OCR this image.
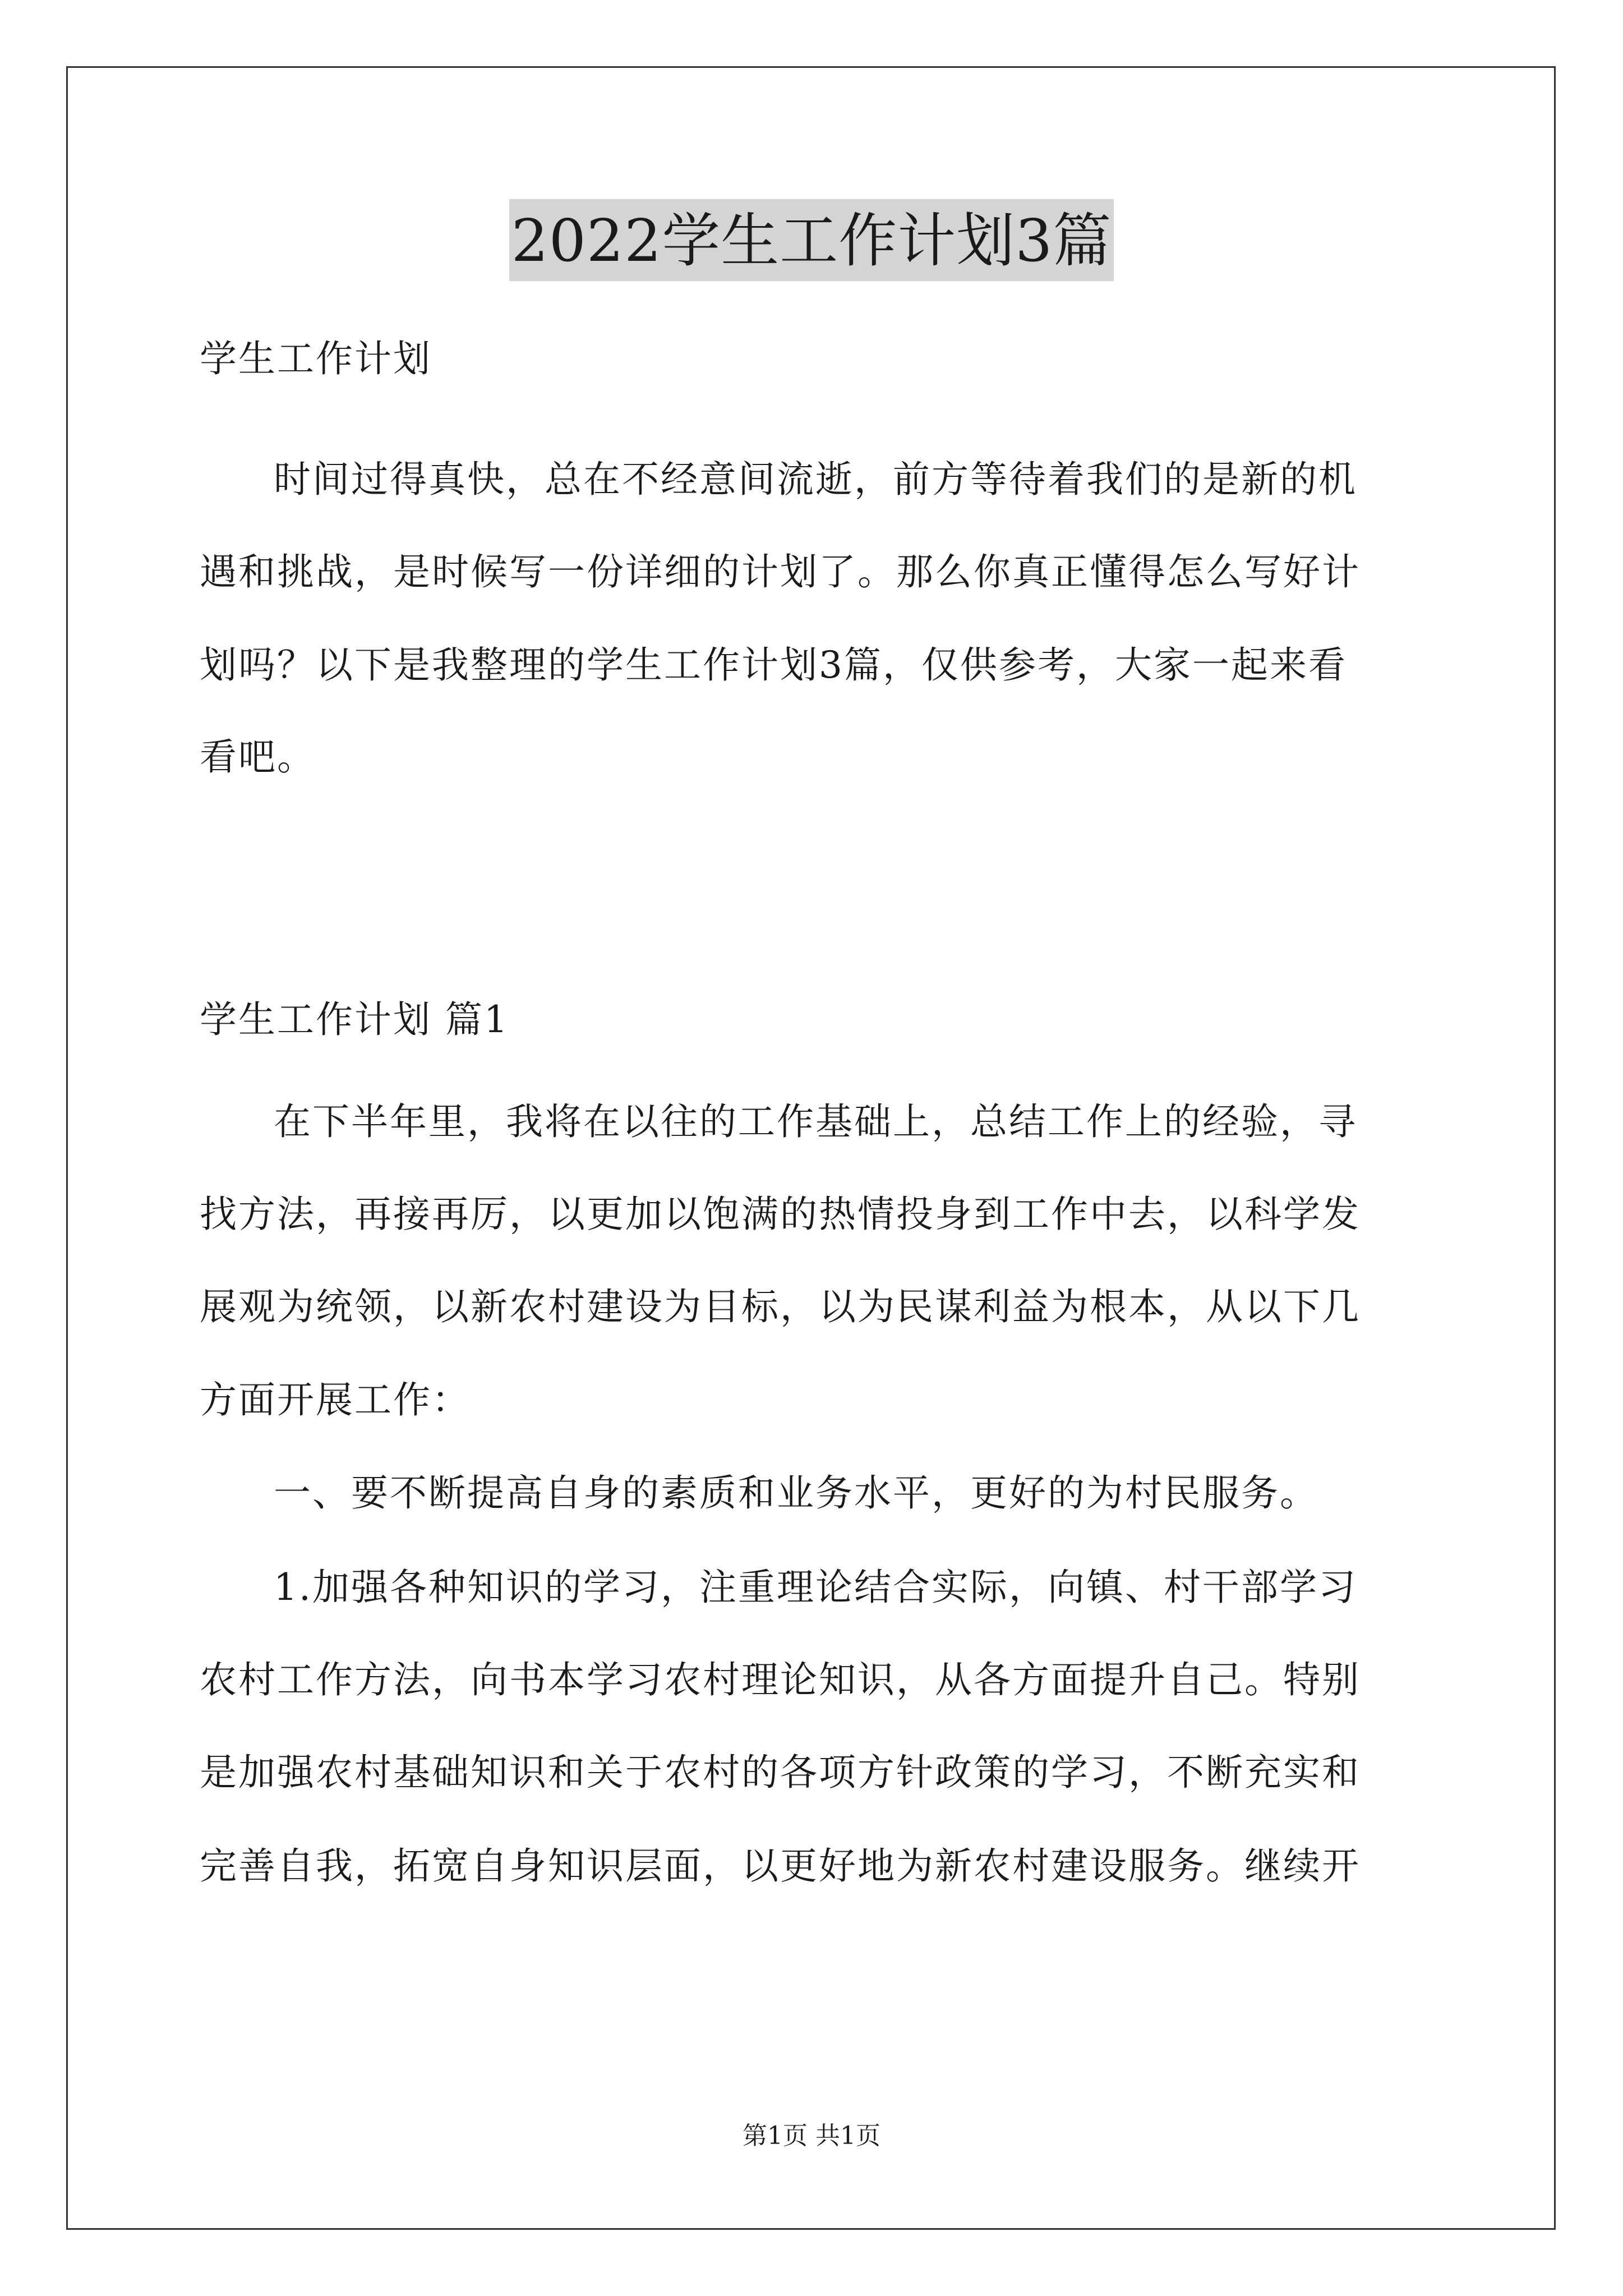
2022学生工作计划3篇
学生工作计划
时间过得真快，总在不经意间流逝，前方等待着我们的是新的机
遇和挑战，是时候写一份详细的计划了。那么你真正懂得怎么写好计
划吗？以下是我整理的学生工作计划3篇，仅供参考，大家一起来看
看吧。
学生工作计划 篇1
在下半年里，我将在以往的工作基础上，总结工作上的经验，寻
找方法，再接再厉，以更加以饱满的热情投身到工作中去，以科学发
展观为统领，以新农村建设为目标，以为民谋利益为根本，从以下几
方面开展工作：
一、要不断提高自身的素质和业务水平，更好的为村民服务。
1.加强各种知识的学习，注重理论结合实际，向镇、村干部学习
农村工作方法，向书本学习农村理论知识，从各方面提升自己。特别
是加强农村基础知识和关于农村的各项方针政策的学习，不断充实和
完善自我，拓宽自身知识层面，以更好地为新农村建设服务。继续开
第1页 共1页
